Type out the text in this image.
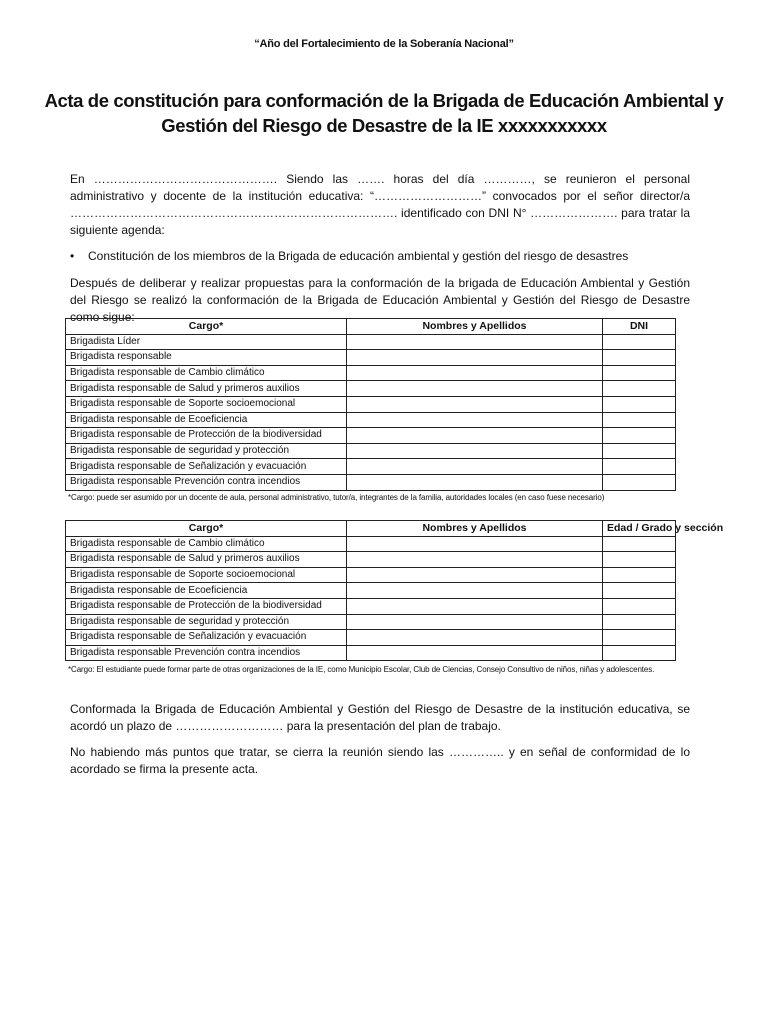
“Año del Fortalecimiento de la Soberanía Nacional”
Acta de constitución para conformación de la Brigada de Educación Ambiental y
Gestión del Riesgo de Desastre de la IE xxxxxxxxxxx
En ………………………………………. Siendo las ……. horas del día …………, se reunieron el personal administrativo y docente de la institución educativa: “………………………” convocados por el señor director/a ………………………………………………………………………. identificado con DNI N° …………………. para tratar la siguiente agenda:
• Constitución de los miembros de la Brigada de educación ambiental y gestión del riesgo de desastres
Después de deliberar y realizar propuestas para la conformación de la brigada de Educación Ambiental y Gestión del Riesgo se realizó la conformación de la Brigada de Educación Ambiental y Gestión del Riesgo de Desastre como sigue:
Cargo*	Nombres y Apellidos	DNI
Brigadista Líder		
Brigadista responsable		
Brigadista responsable de Cambio climático		
Brigadista responsable de Salud y primeros auxilios		
Brigadista responsable de Soporte socioemocional		
Brigadista responsable de Ecoeficiencia		
Brigadista responsable de Protección de la biodiversidad		
Brigadista responsable de seguridad y protección		
Brigadista responsable de Señalización y evacuación		
Brigadista responsable Prevención contra incendios		
*Cargo: puede ser asumido por un docente de aula, personal administrativo, tutor/a, integrantes de la familia, autoridades locales (en caso fuese necesario)
Cargo*	Nombres y Apellidos	Edad / Grado y sección
Brigadista responsable de Cambio climático		
Brigadista responsable de Salud y primeros auxilios		
Brigadista responsable de Soporte socioemocional		
Brigadista responsable de Ecoeficiencia		
Brigadista responsable de Protección de la biodiversidad		
Brigadista responsable de seguridad y protección		
Brigadista responsable de Señalización y evacuación		
Brigadista responsable Prevención contra incendios		
*Cargo: El estudiante puede formar parte de otras organizaciones de la IE, como Municipio Escolar, Club de Ciencias, Consejo Consultivo de niños, niñas y adolescentes.
Conformada la Brigada de Educación Ambiental y Gestión del Riesgo de Desastre de la institución educativa, se acordó un plazo de ……………………… para la presentación del plan de trabajo.
No habiendo más puntos que tratar, se cierra la reunión siendo las ………….. y en señal de conformidad de lo acordado se firma la presente acta.
